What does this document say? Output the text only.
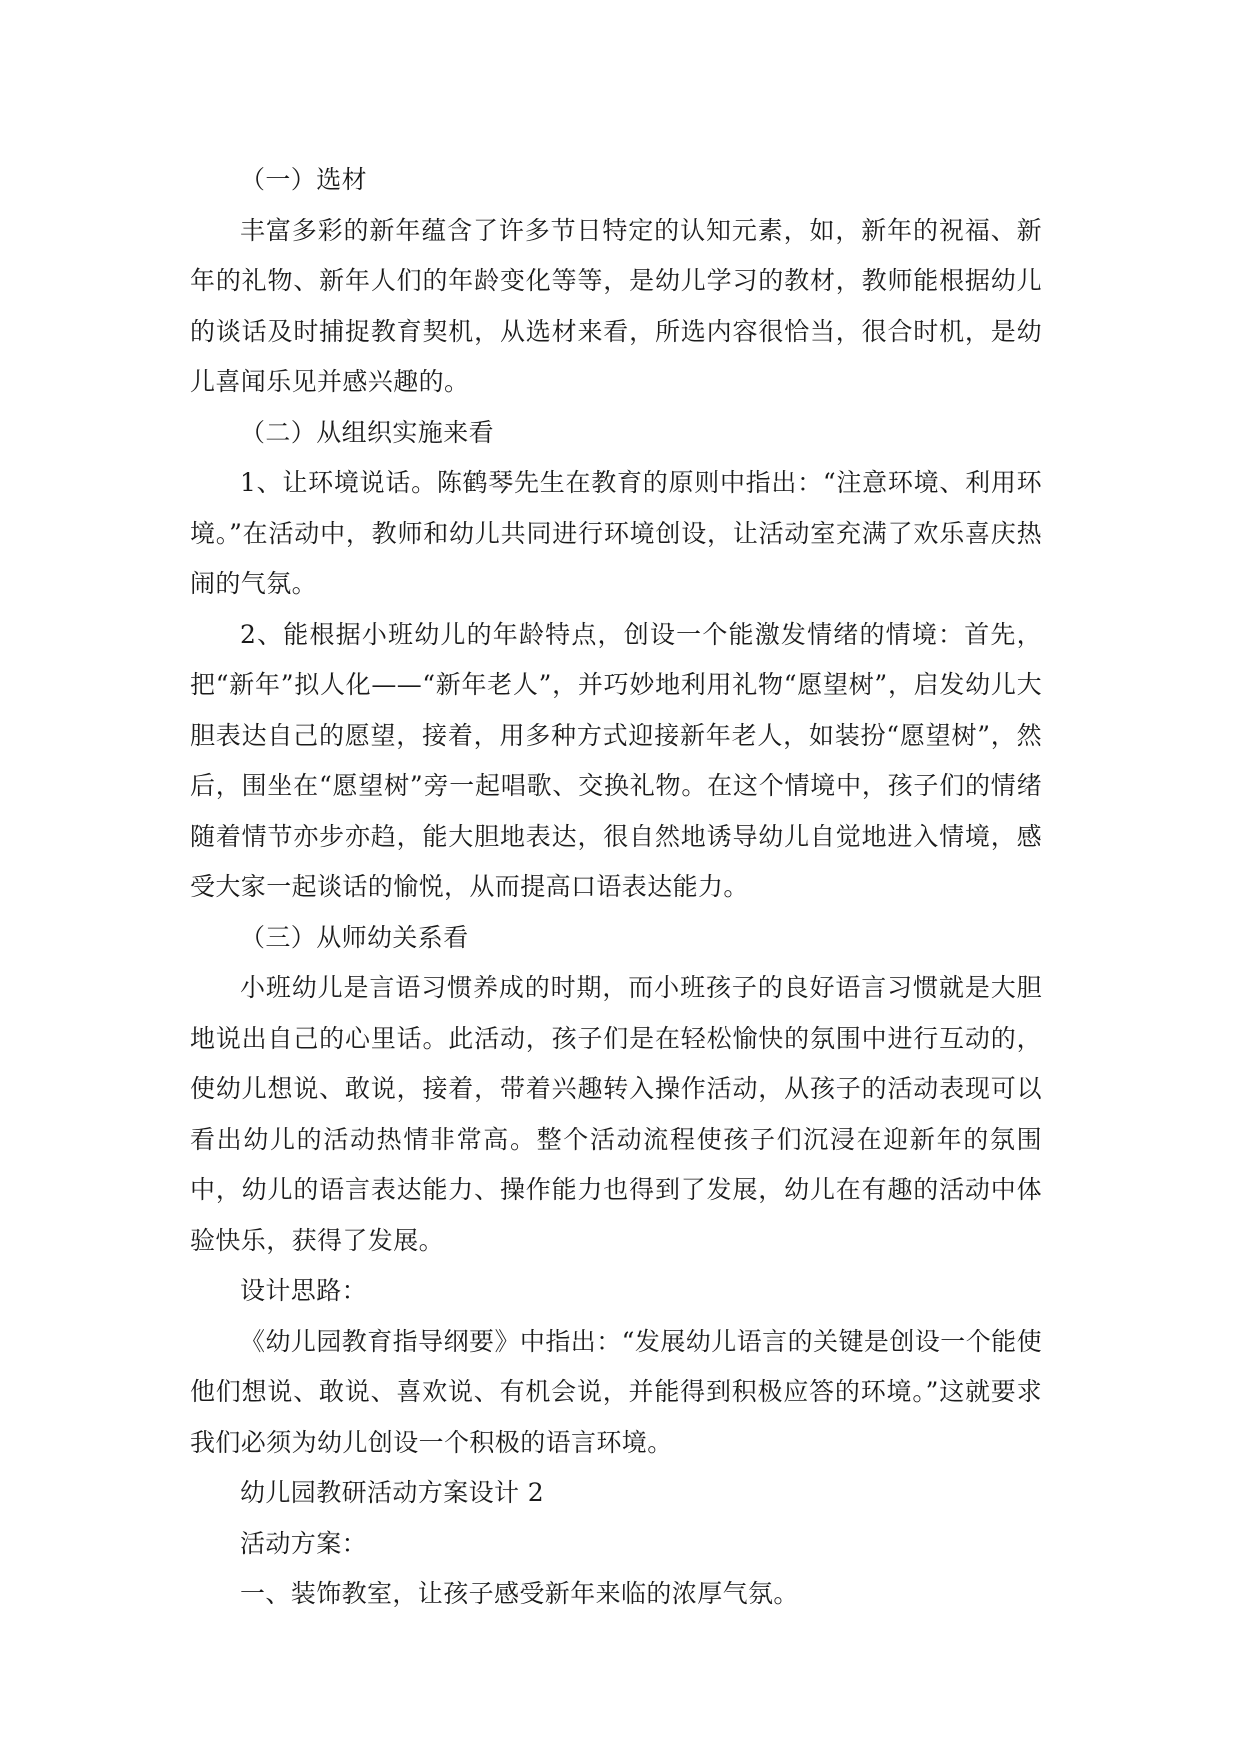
（一）选材

丰富多彩的新年蕴含了许多节日特定的认知元素，如，新年的祝福、新年的礼物、新年人们的年龄变化等等，是幼儿学习的教材，教师能根据幼儿的谈话及时捕捉教育契机，从选材来看，所选内容很恰当，很合时机，是幼儿喜闻乐见并感兴趣的。

（二）从组织实施来看

1、让环境说话。陈鹤琴先生在教育的原则中指出：“注意环境、利用环境。”在活动中，教师和幼儿共同进行环境创设，让活动室充满了欢乐喜庆热闹的气氛。

2、能根据小班幼儿的年龄特点，创设一个能激发情绪的情境：首先，把“新年”拟人化——“新年老人”，并巧妙地利用礼物“愿望树”，启发幼儿大胆表达自己的愿望，接着，用多种方式迎接新年老人，如装扮“愿望树”，然后，围坐在“愿望树”旁一起唱歌、交换礼物。在这个情境中，孩子们的情绪随着情节亦步亦趋，能大胆地表达，很自然地诱导幼儿自觉地进入情境，感受大家一起谈话的愉悦，从而提高口语表达能力。

（三）从师幼关系看

小班幼儿是言语习惯养成的时期，而小班孩子的良好语言习惯就是大胆地说出自己的心里话。此活动，孩子们是在轻松愉快的氛围中进行互动的，使幼儿想说、敢说，接着，带着兴趣转入操作活动，从孩子的活动表现可以看出幼儿的活动热情非常高。整个活动流程使孩子们沉浸在迎新年的氛围中，幼儿的语言表达能力、操作能力也得到了发展，幼儿在有趣的活动中体验快乐，获得了发展。

设计思路：

《幼儿园教育指导纲要》中指出：“发展幼儿语言的关键是创设一个能使他们想说、敢说、喜欢说、有机会说，并能得到积极应答的环境。”这就要求我们必须为幼儿创设一个积极的语言环境。

幼儿园教研活动方案设计 2

活动方案：

一、装饰教室，让孩子感受新年来临的浓厚气氛。
